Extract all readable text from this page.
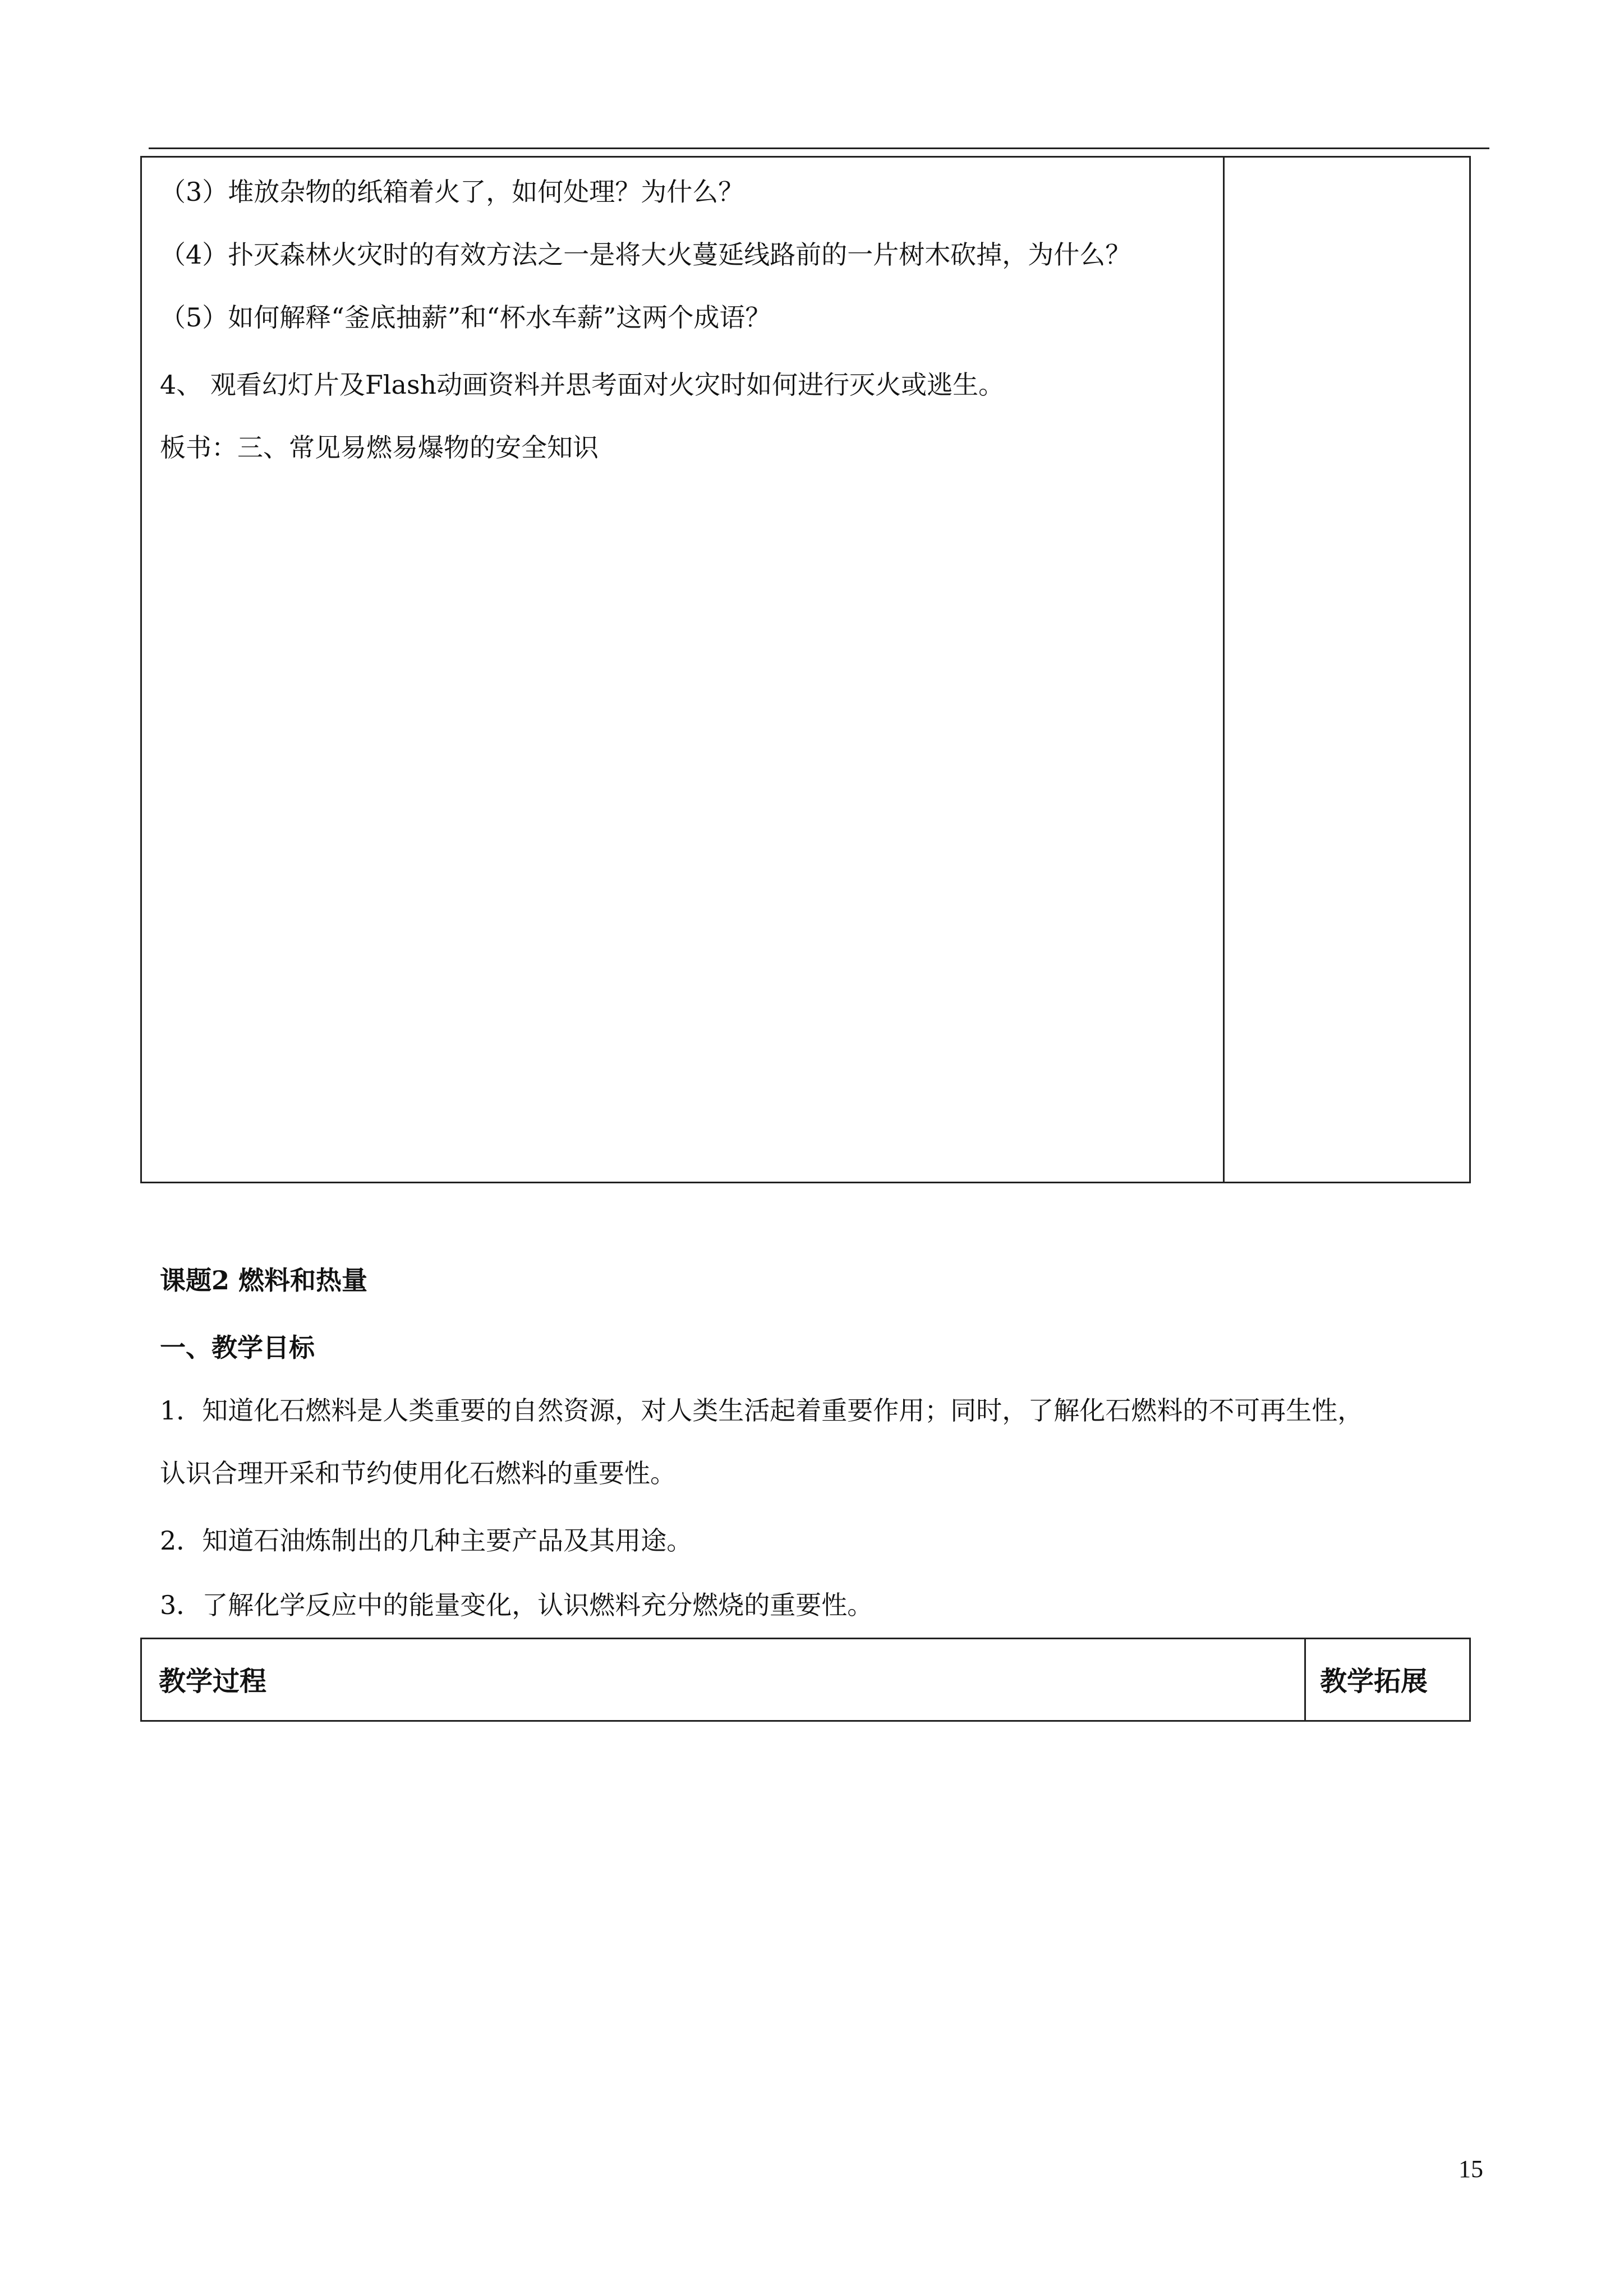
（3）堆放杂物的纸箱着火了，如何处理？为什么？
（4）扑灭森林火灾时的有效方法之一是将大火蔓延线路前的一片树木砍掉，为什么？
（5）如何解释“釜底抽薪”和“杯水车薪”这两个成语？
4、 观看幻灯片及Flash动画资料并思考面对火灾时如何进行灭火或逃生。
板书：三、常见易燃易爆物的安全知识
课题2 燃料和热量
一、教学目标
1．知道化石燃料是人类重要的自然资源，对人类生活起着重要作用；同时，了解化石燃料的不可再生性，
认识合理开采和节约使用化石燃料的重要性。
2．知道石油炼制出的几种主要产品及其用途。
3．了解化学反应中的能量变化，认识燃料充分燃烧的重要性。
教学过程	教学拓展
15
